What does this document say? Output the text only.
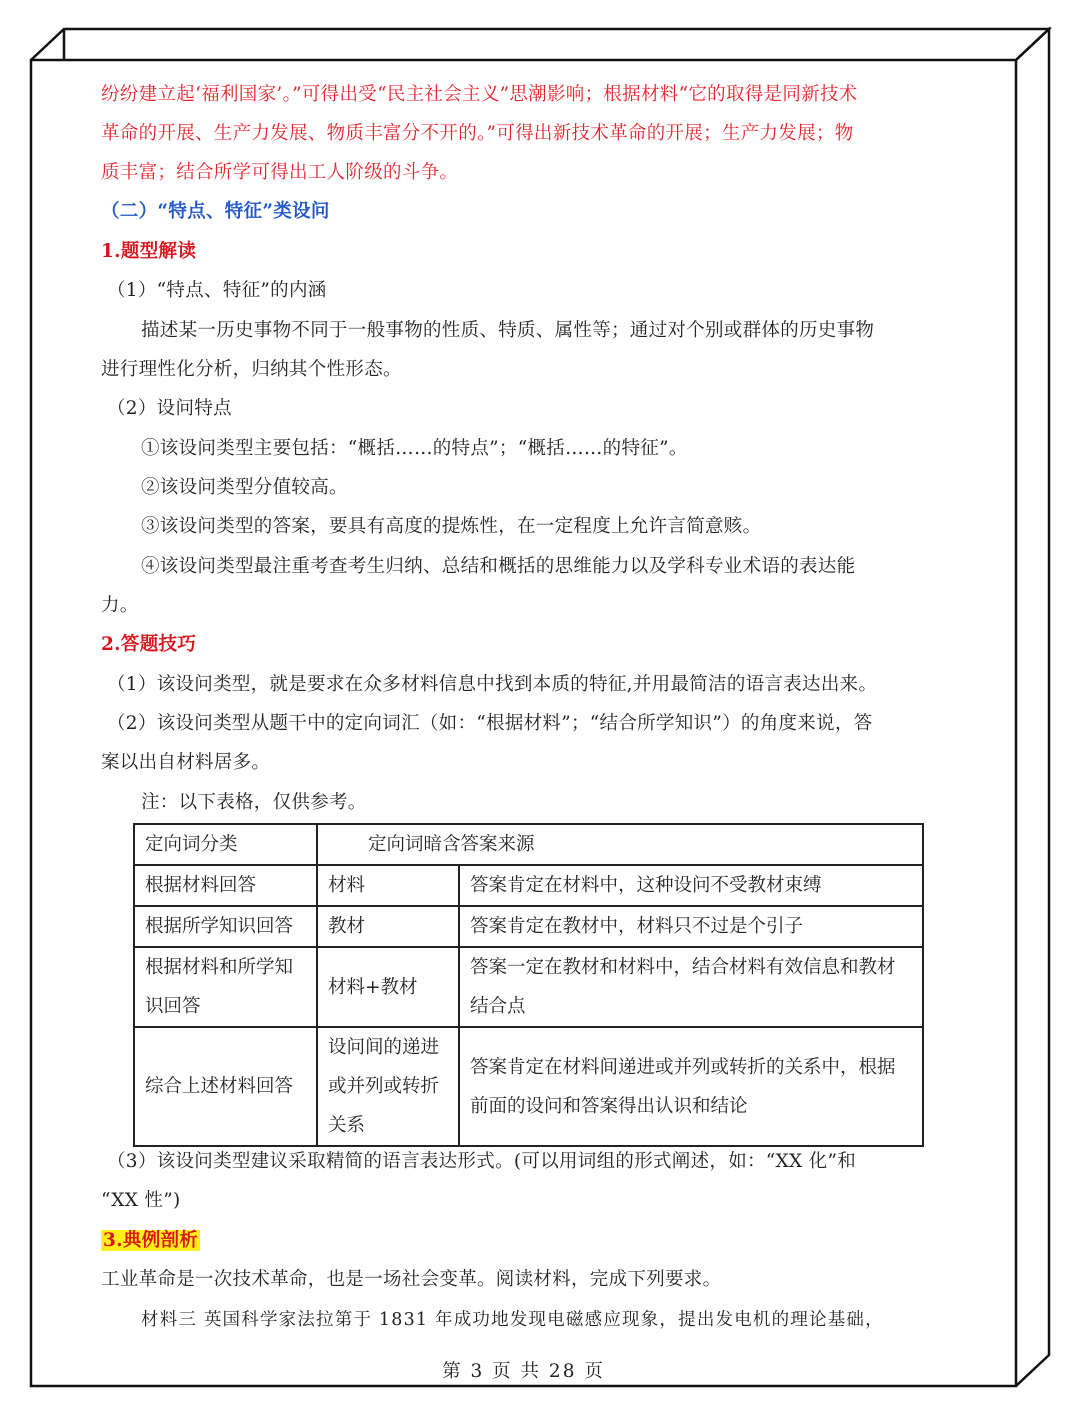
纷纷建立起‘福利国家’。”可得出受“民主社会主义”思潮影响；根据材料“它的取得是同新技术
革命的开展、生产力发展、物质丰富分不开的。”可得出新技术革命的开展；生产力发展；物
质丰富；结合所学可得出工人阶级的斗争。
（二）“特点、特征”类设问
1.题型解读
（1）“特点、特征”的内涵
描述某一历史事物不同于一般事物的性质、特质、属性等；通过对个别或群体的历史事物
进行理性化分析，归纳其个性形态。
（2）设问特点
①该设问类型主要包括：“概括……的特点”；“概括……的特征”。
②该设问类型分值较高。
③该设问类型的答案，要具有高度的提炼性，在一定程度上允许言简意赅。
④该设问类型最注重考查考生归纳、总结和概括的思维能力以及学科专业术语的表达能
力。
2.答题技巧
（1）该设问类型，就是要求在众多材料信息中找到本质的特征,并用最简洁的语言表达出来。
（2）该设问类型从题干中的定向词汇（如：“根据材料”；“结合所学知识”）的角度来说，答
案以出自材料居多。
注：以下表格，仅供参考。
定向词分类	定向词暗含答案来源	
根据材料回答	材料	答案肯定在材料中，这种设问不受教材束缚
根据所学知识回答	教材	答案肯定在教材中，材料只不过是个引子
根据材料和所学知识回答	材料+教材	答案一定在教材和材料中，结合材料有效信息和教材结合点
综合上述材料回答	设问间的递进或并列或转折关系	答案肯定在材料间递进或并列或转折的关系中，根据前面的设问和答案得出认识和结论
（3）该设问类型建议采取精简的语言表达形式。(可以用词组的形式阐述，如：“XX 化”和
“XX 性”)
3.典例剖析
工业革命是一次技术革命，也是一场社会变革。阅读材料，完成下列要求。
材料三 英国科学家法拉第于 1831 年成功地发现电磁感应现象，提出发电机的理论基础，
第 3 页 共 28 页
